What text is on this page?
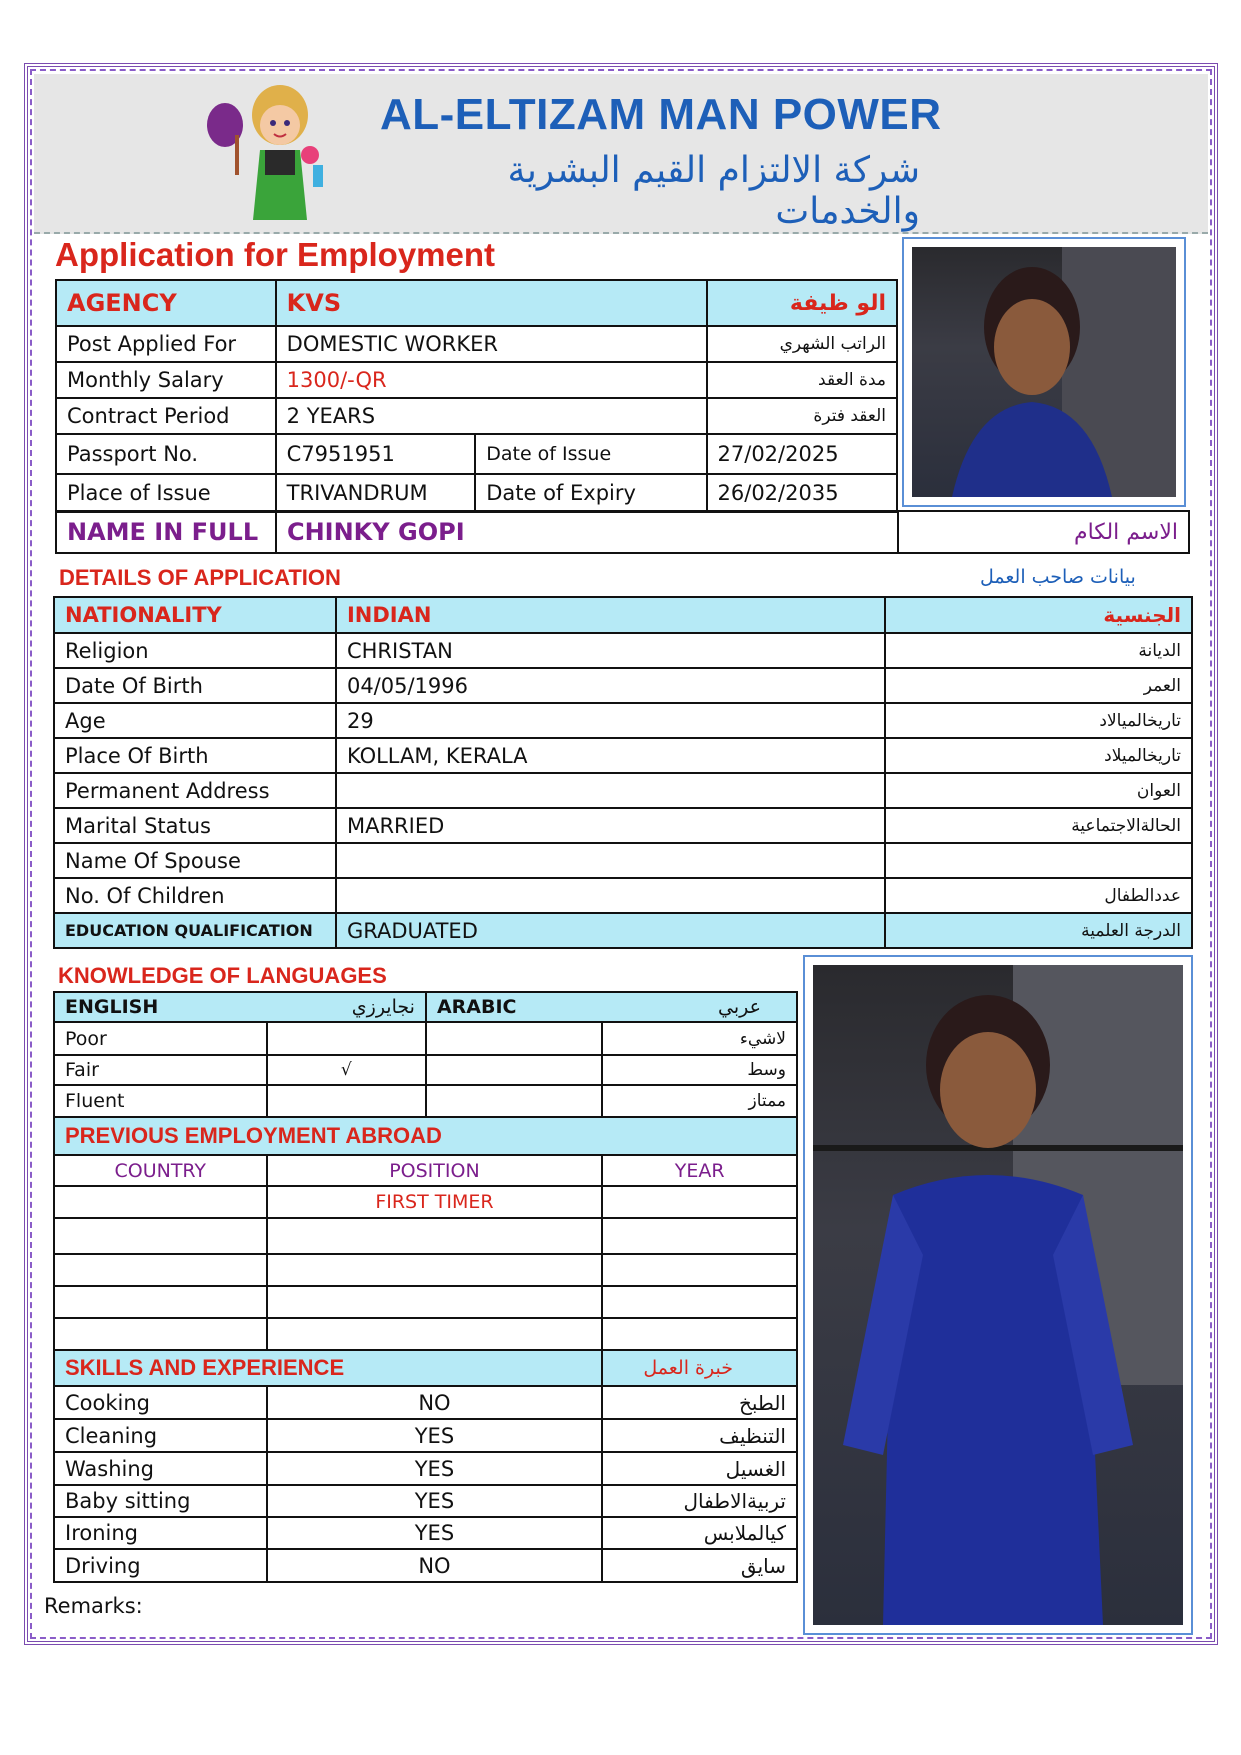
AL-ELTIZAM MAN POWER
شركة الالتزام القيم البشرية والخدمات
Application for Employment
AGENCY	KVS		الو ظيفة
Post Applied For	DOMESTIC WORKER		الراتب الشهري
Monthly Salary	1300/-QR		مدة العقد
Contract Period	2 YEARS		العقد فترة
Passport No.	C7951951	Date of Issue	27/02/2025
Place of Issue	TRIVANDRUM	Date of Expiry	26/02/2035
NAME IN FULL	CHINKY GOPI	الاسم الكام
DETAILS OF APPLICATION	بيانات صاحب العمل
NATIONALITY	INDIAN	الجنسية
Religion	CHRISTAN	الديانة
Date Of Birth	04/05/1996	العمر
Age	29	تاريخالميالاد
Place Of Birth	KOLLAM, KERALA	تاريخالميلاد
Permanent Address		العوان
Marital Status	MARRIED	الحالةالاجتماعية
Name Of Spouse		
No. Of Children		عددالطفال
EDUCATION QUALIFICATION	GRADUATED	الدرجة العلمية
KNOWLEDGE OF LANGUAGES
ENGLISH	نجايرزي	ARABIC	عربي
Poor			لاشيء
Fair	√		وسط
Fluent			ممتاز
PREVIOUS EMPLOYMENT ABROAD			
COUNTRY	POSITION		YEAR
	FIRST TIMER		

SKILLS AND EXPERIENCE			خبرة العمل
Cooking	NO		الطبخ
Cleaning	YES		التنظيف
Washing	YES		الغسيل
Baby sitting	YES		تربيةالاطفال
Ironing	YES		كيالملابس
Driving	NO		سايق
Remarks:
